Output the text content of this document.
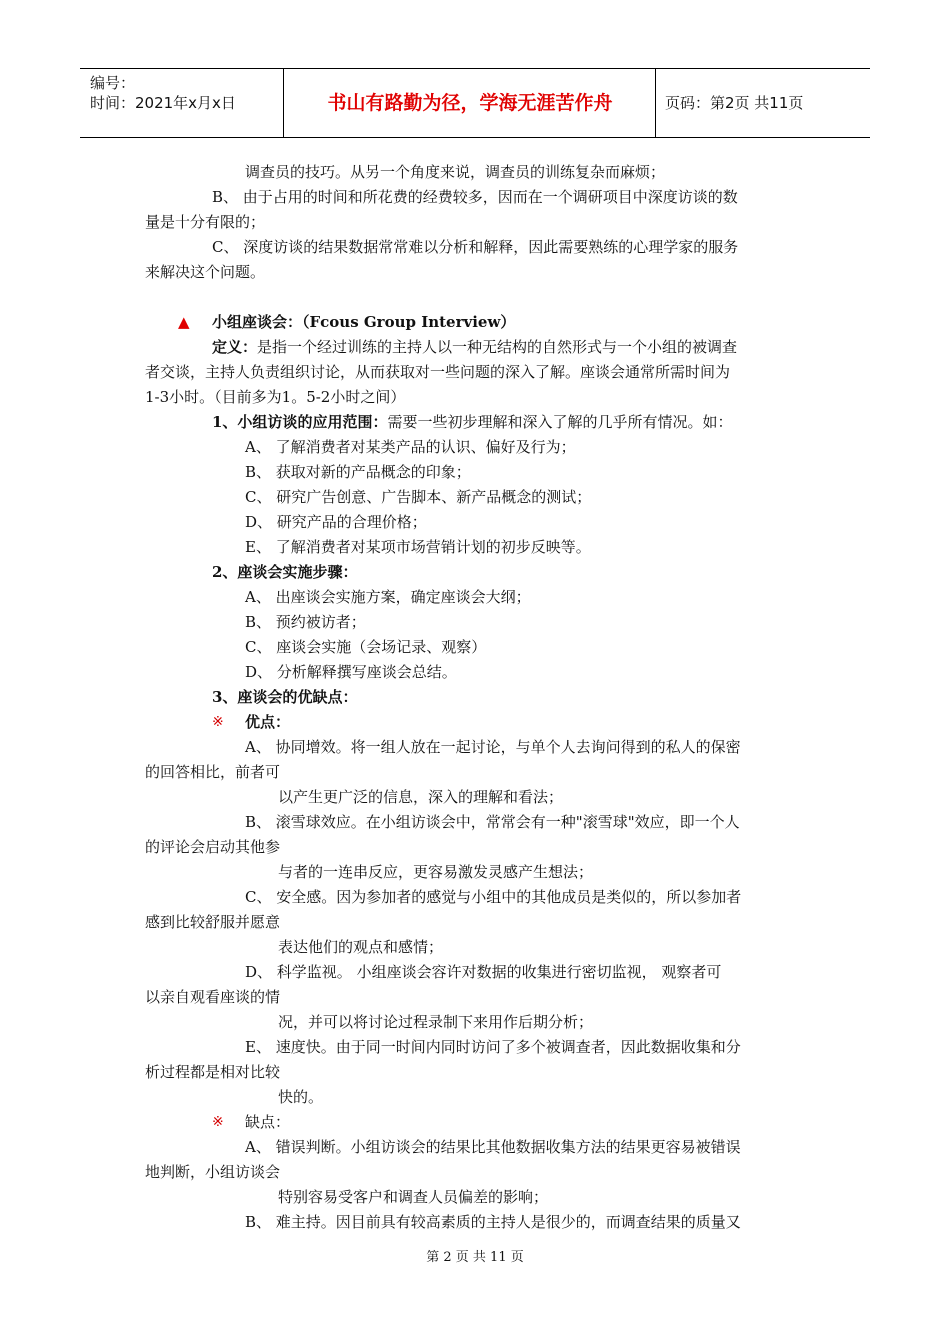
编号：
时间：2021年x月x日	书山有路勤为径，学海无涯苦作舟	页码：第2页 共11页
调查员的技巧。从另一个角度来说，调查员的训练复杂而麻烦；
B、 由于占用的时间和所花费的经费较多，因而在一个调研项目中深度访谈的数
量是十分有限的；
C、 深度访谈的结果数据常常难以分析和解释，因此需要熟练的心理学家的服务
来解决这个问题。
▲ 小组座谈会：（Fcous Group Interview）
定义：是指一个经过训练的主持人以一种无结构的自然形式与一个小组的被调查
者交谈，主持人负责组织讨论，从而获取对一些问题的深入了解。座谈会通常所需时间为
1-3小时。（目前多为1。5-2小时之间）
1、小组访谈的应用范围：需要一些初步理解和深入了解的几乎所有情况。如：
A、 了解消费者对某类产品的认识、偏好及行为；
B、 获取对新的产品概念的印象；
C、 研究广告创意、广告脚本、新产品概念的测试；
D、 研究产品的合理价格；
E、 了解消费者对某项市场营销计划的初步反映等。
2、座谈会实施步骤：
A、 出座谈会实施方案，确定座谈会大纲；
B、 预约被访者；
C、 座谈会实施（会场记录、观察）
D、 分析解释撰写座谈会总结。
3、座谈会的优缺点：
※ 优点：
A、 协同增效。将一组人放在一起讨论，与单个人去询问得到的私人的保密
的回答相比，前者可
以产生更广泛的信息，深入的理解和看法；
B、 滚雪球效应。在小组访谈会中，常常会有一种"滚雪球"效应，即一个人
的评论会启动其他参
与者的一连串反应，更容易激发灵感产生想法；
C、 安全感。因为参加者的感觉与小组中的其他成员是类似的，所以参加者
感到比较舒服并愿意
表达他们的观点和感情；
D、 科学监视。 小组座谈会容许对数据的收集进行密切监视， 观察者可
以亲自观看座谈的情
况，并可以将讨论过程录制下来用作后期分析；
E、 速度快。由于同一时间内同时访问了多个被调查者，因此数据收集和分
析过程都是相对比较
快的。
※ 缺点：
A、 错误判断。小组访谈会的结果比其他数据收集方法的结果更容易被错误
地判断，小组访谈会
特别容易受客户和调查人员偏差的影响；
B、 难主持。因目前具有较高素质的主持人是很少的，而调查结果的质量又
第 2 页 共 11 页
